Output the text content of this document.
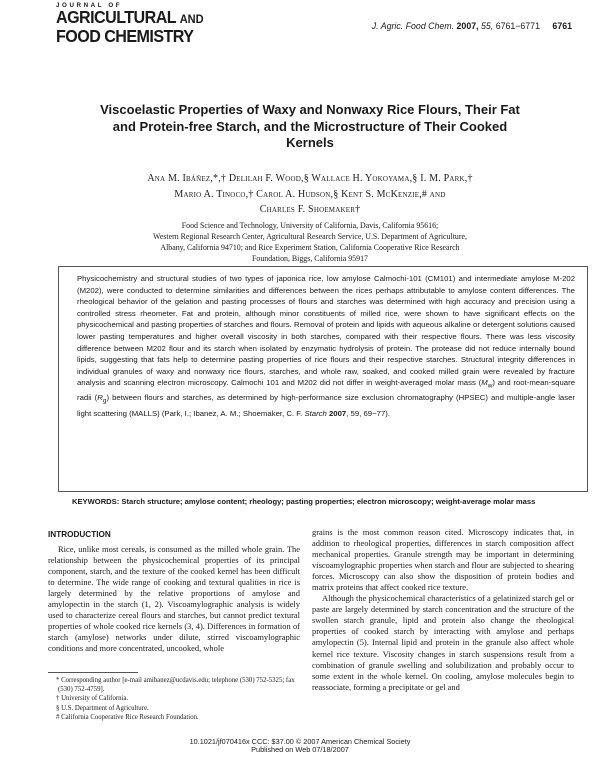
JOURNAL OF
AGRICULTURAL AND
FOOD CHEMISTRY	J. Agric. Food Chem. 2007, 55, 6761−6771 6761
Viscoelastic Properties of Waxy and Nonwaxy Rice Flours, Their Fat and Protein-free Starch, and the Microstructure of Their Cooked Kernels
Ana M. Ibáñez,*,† Delilah F. Wood,§ Wallace H. Yokoyama,§ I. M. Park,†
Mario A. Tinoco,† Carol A. Hudson,§ Kent S. McKenzie,# and
Charles F. Shoemaker†
Food Science and Technology, University of California, Davis, California 95616;
Western Regional Research Center, Agricultural Research Service, U.S. Department of Agriculture,
Albany, California 94710; and Rice Experiment Station, California Cooperative Rice Research
Foundation, Biggs, California 95917

Physicochemistry and structural studies of two types of japonica rice, low amylose Calmochi-101 (CM101) and intermediate amylose M-202 (M202), were conducted to determine similarities and differences between the rices perhaps attributable to amylose content differences. The rheological behavior of the gelation and pasting processes of flours and starches was determined with high accuracy and precision using a controlled stress rheometer. Fat and protein, although minor constituents of milled rice, were shown to have significant effects on the physicochemical and pasting properties of starches and flours. Removal of protein and lipids with aqueous alkaline or detergent solutions caused lower pasting temperatures and higher overall viscosity in both starches, compared with their respective flours. There was less viscosity difference between M202 flour and its starch when isolated by enzymatic hydrolysis of protein. The protease did not reduce internally bound lipids, suggesting that fats help to determine pasting properties of rice flours and their respective starches. Structural integrity differences in individual granules of waxy and nonwaxy rice flours, starches, and whole raw, soaked, and cooked milled grain were revealed by fracture analysis and scanning electron microscopy. Calmochi 101 and M202 did not differ in weight-averaged molar mass $(M_w)$ and root-mean-square radii $(R_g)$ between flours and starches, as determined by high-performance size exclusion chromatography (HPSEC) and multiple-angle laser light scattering (MALLS) (Park, I.; Ibanez, A. M.; Shoemaker, C. F. Starch 2007, 59, 69−77).

KEYWORDS: Starch structure; amylose content; rheology; pasting properties; electron microscopy; weight-average molar mass
INTRODUCTION

Rice, unlike most cereals, is consumed as the milled whole grain. The relationship between the physicochemical properties of its principal component, starch, and the texture of the cooked kernel has been difficult to determine. The wide range of cooking and textural qualities in rice is largely determined by the relative proportions of amylose and amylopectin in the starch (1, 2). Viscoamylographic analysis is widely used to characterize cereal flours and starches, but cannot predict textural properties of whole cooked rice kernels (3, 4). Differences in formation of starch (amylose) networks under dilute, stirred viscoamylographic conditions and more concentrated, uncooked, whole

grains is the most common reason cited. Microscopy indicates that, in addition to rheological properties, differences in starch composition affect mechanical properties. Granule strength may be important in determining viscoamylographic properties when starch and flour are subjected to shearing forces. Microscopy can also show the disposition of protein bodies and matrix proteins that affect cooked rice texture.

Although the physicochemical characteristics of a gelatinized starch gel or paste are largely determined by starch concentration and the structure of the swollen starch granule, lipid and protein also change the rheological properties of cooked starch by interacting with amylose and perhaps amylopectin (5). Internal lipid and protein in the granule also affect whole kernel rice texture. Viscosity changes in starch suspensions result from a combination of granule swelling and solubilization and probably occur to some extent in the whole kernel. On cooling, amylose molecules begin to reassociate, forming a precipitate or gel and

* Corresponding author [e-mail amibanez@ucdavis.edu; telephone (530) 752-5325; fax (530) 752-4759].
† University of California.
§ U.S. Department of Agriculture.
# California Cooperative Rice Research Foundation.
10.1021/jf070416x CCC: $37.00 © 2007 American Chemical Society
Published on Web 07/18/2007
